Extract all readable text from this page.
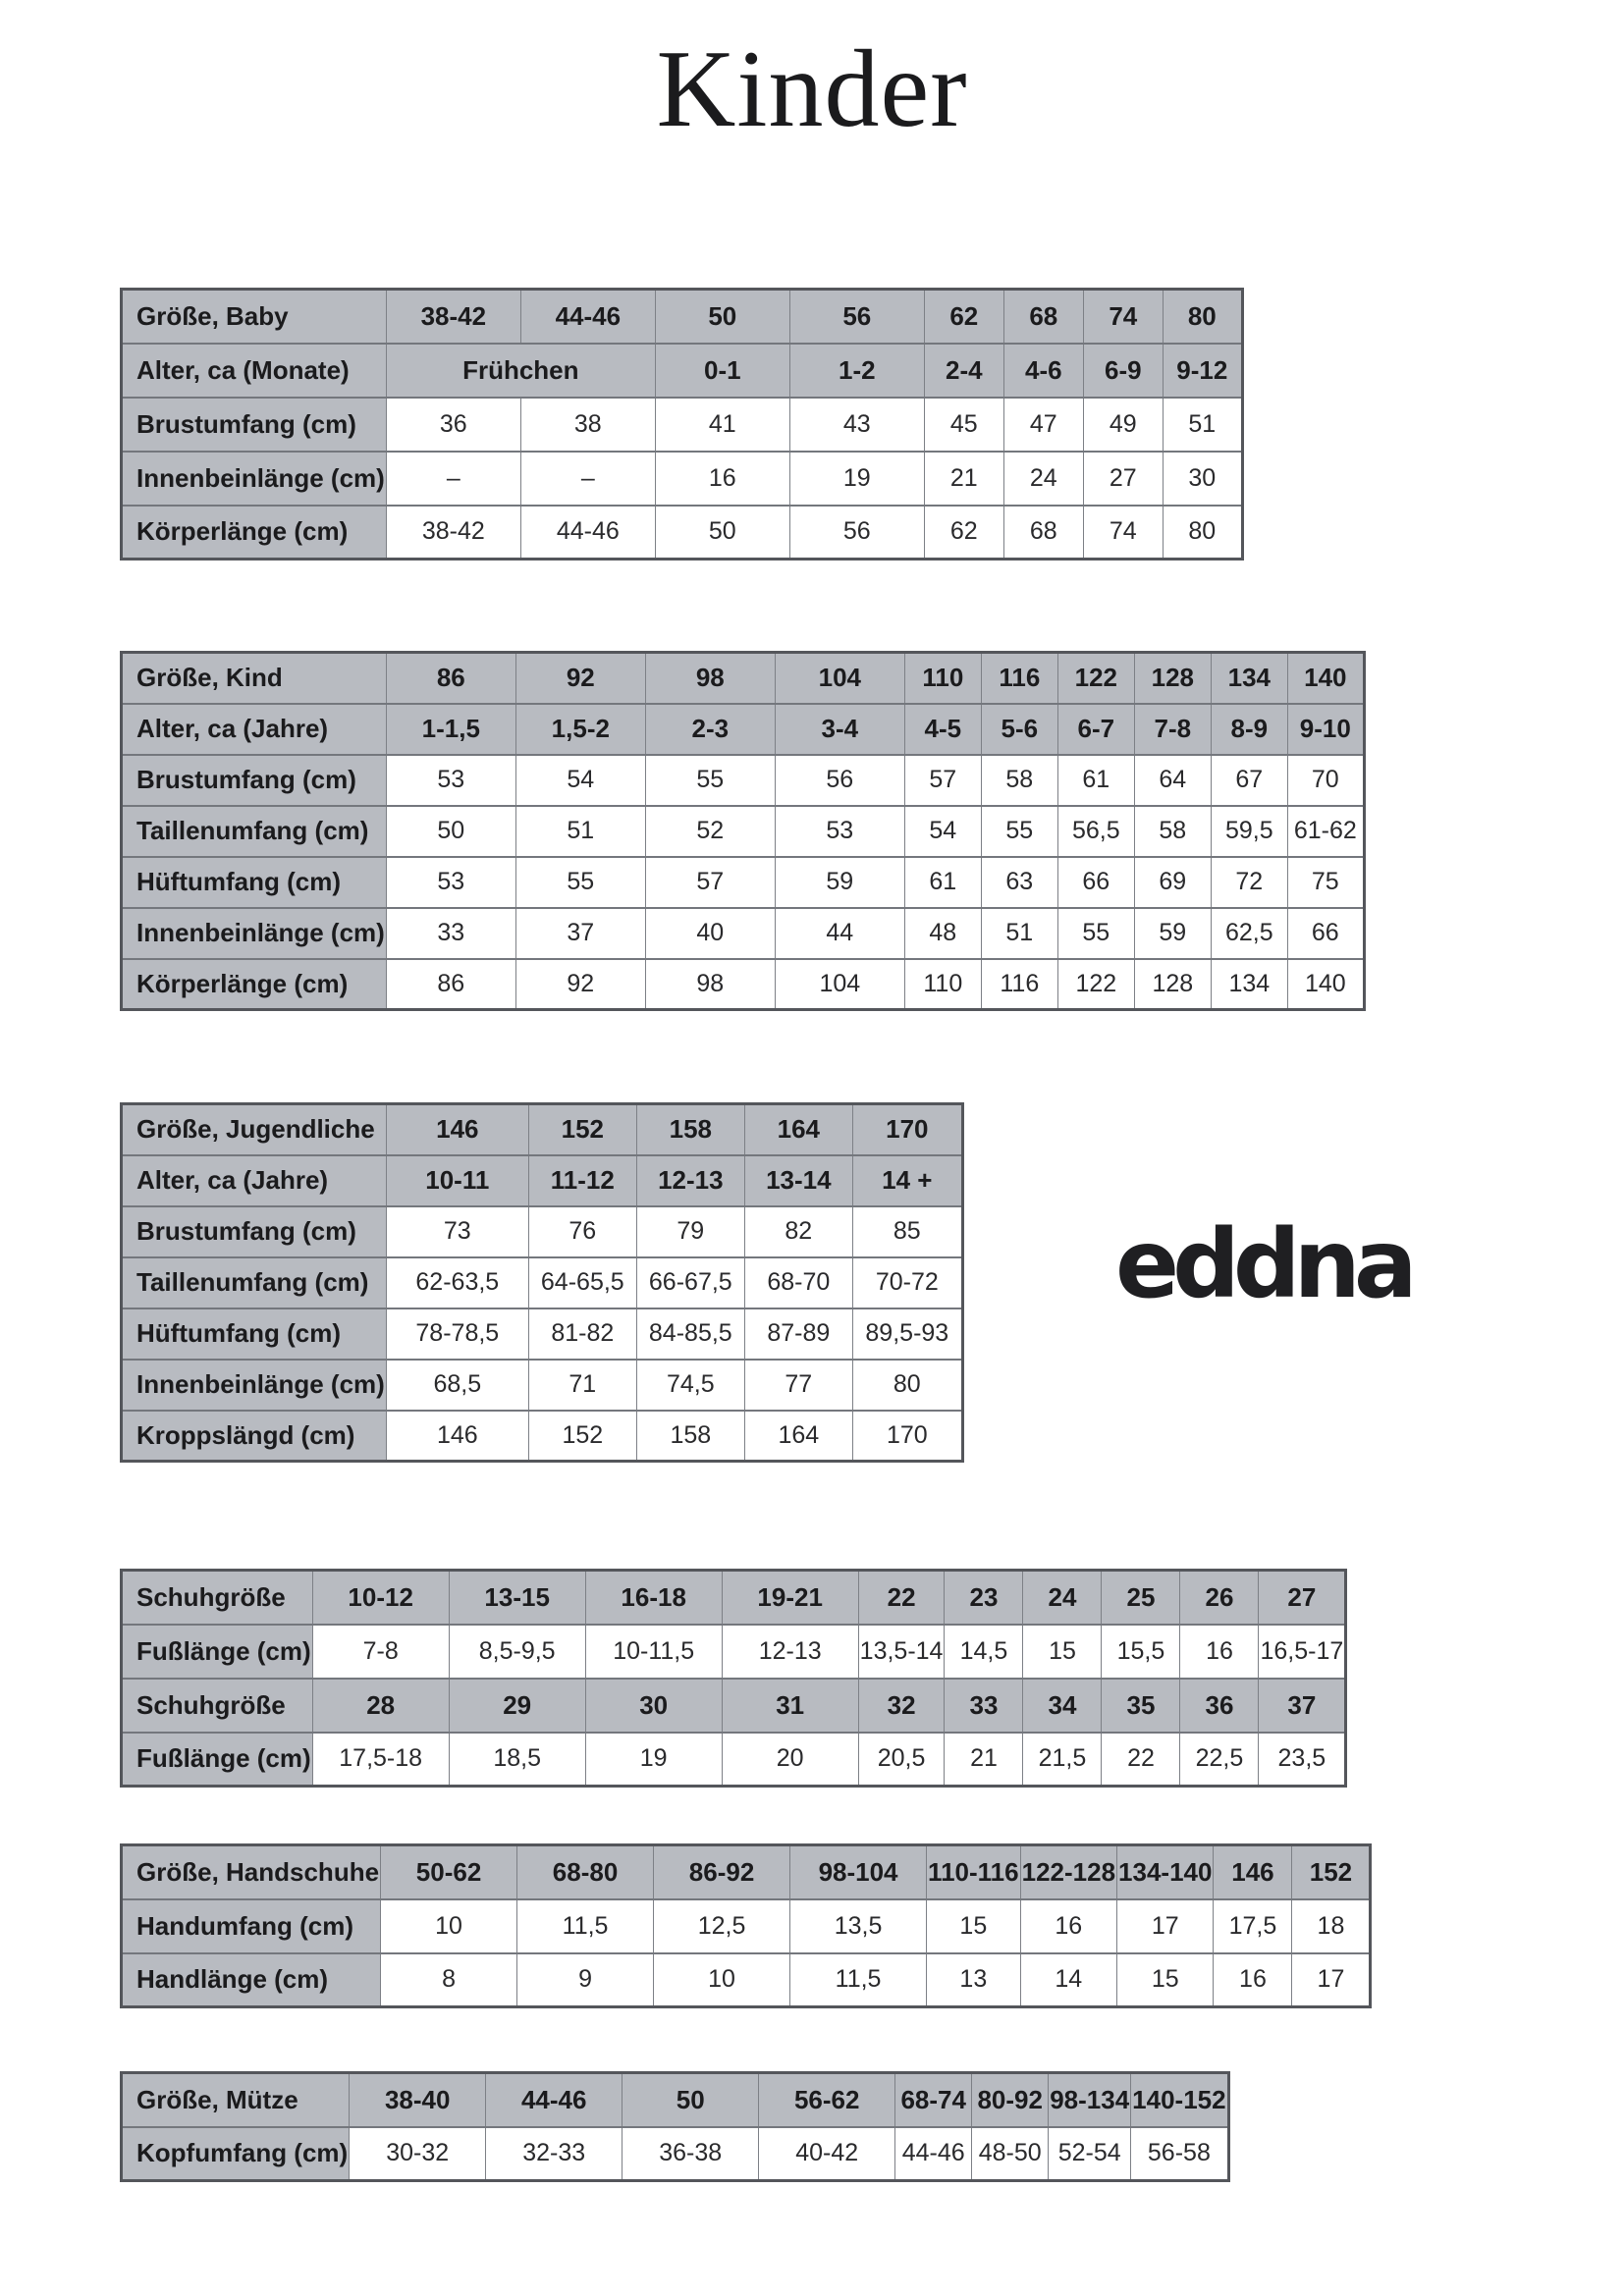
Kinder
Größe, Baby	38-42	44-46	50	56	62	68	74	80
Alter, ca (Monate)	Frühchen		0-1	1-2	2-4	4-6	6-9	9-12
Brustumfang (cm)	36	38	41	43	45	47	49	51
Innenbeinlänge (cm)	–	–	16	19	21	24	27	30
Körperlänge (cm)	38-42	44-46	50	56	62	68	74	80
Größe, Kind	86	92	98	104	110	116	122	128	134	140
Alter, ca (Jahre)	1-1,5	1,5-2	2-3	3-4	4-5	5-6	6-7	7-8	8-9	9-10
Brustumfang (cm)	53	54	55	56	57	58	61	64	67	70
Taillenumfang (cm)	50	51	52	53	54	55	56,5	58	59,5	61-62
Hüftumfang (cm)	53	55	57	59	61	63	66	69	72	75
Innenbeinlänge (cm)	33	37	40	44	48	51	55	59	62,5	66
Körperlänge (cm)	86	92	98	104	110	116	122	128	134	140
Größe, Jugendliche	146	152	158	164	170
Alter, ca (Jahre)	10-11	11-12	12-13	13-14	14 +
Brustumfang (cm)	73	76	79	82	85
Taillenumfang (cm)	62-63,5	64-65,5	66-67,5	68-70	70-72
Hüftumfang (cm)	78-78,5	81-82	84-85,5	87-89	89,5-93
Innenbeinlänge (cm)	68,5	71	74,5	77	80
Kroppslängd (cm)	146	152	158	164	170
Schuhgröße	10-12	13-15	16-18	19-21	22	23	24	25	26	27
Fußlänge (cm)	7-8	8,5-9,5	10-11,5	12-13	13,5-14	14,5	15	15,5	16	16,5-17
Schuhgröße	28	29	30	31	32	33	34	35	36	37
Fußlänge (cm)	17,5-18	18,5	19	20	20,5	21	21,5	22	22,5	23,5
Größe, Handschuhe	50-62	68-80	86-92	98-104	110-116	122-128	134-140	146	152
Handumfang (cm)	10	11,5	12,5	13,5	15	16	17	17,5	18
Handlänge (cm)	8	9	10	11,5	13	14	15	16	17
Größe, Mütze	38-40	44-46	50	56-62	68-74	80-92	98-134	140-152
Kopfumfang (cm)	30-32	32-33	36-38	40-42	44-46	48-50	52-54	56-58
eddna
